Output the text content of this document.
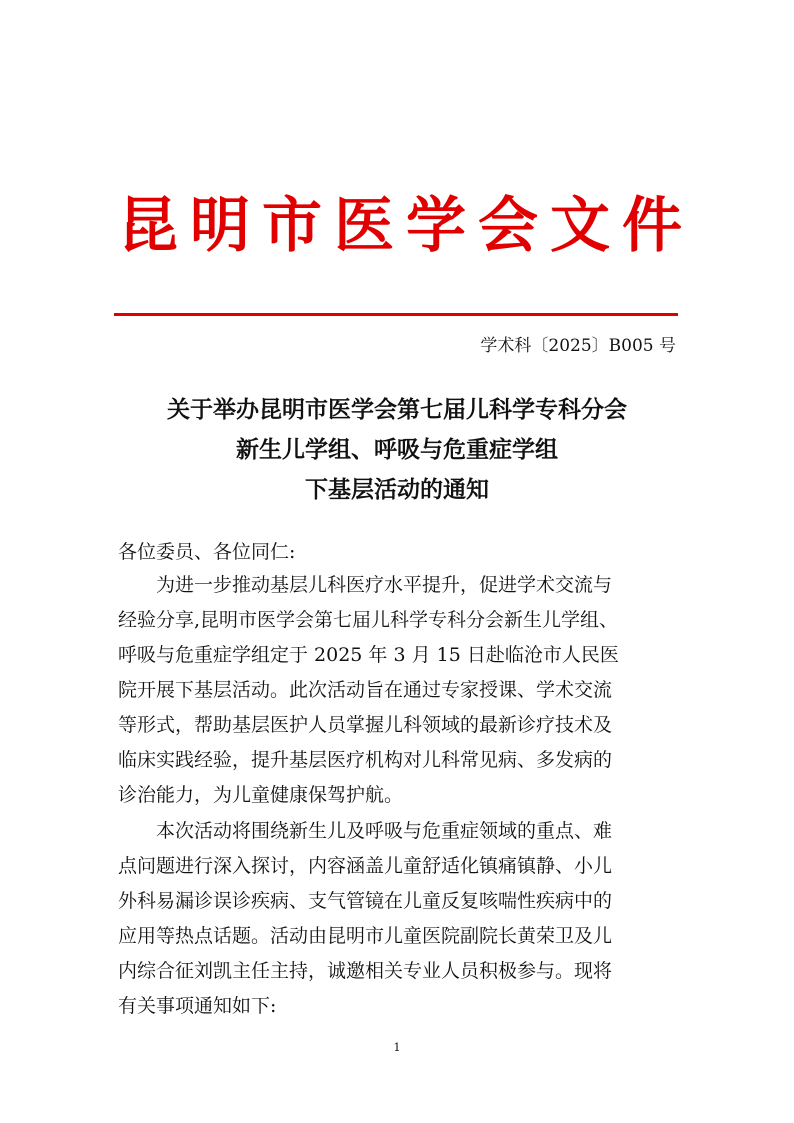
昆明市医学会文件
学术科〔2025〕B005 号
关于举办昆明市医学会第七届儿科学专科分会
新生儿学组、呼吸与危重症学组
下基层活动的通知
各位委员、各位同仁:

　　为进一步推动基层儿科医疗水平提升，促进学术交流与
经验分享,昆明市医学会第七届儿科学专科分会新生儿学组、
呼吸与危重症学组定于 2025 年 3 月 15 日赴临沧市人民医
院开展下基层活动。此次活动旨在通过专家授课、学术交流
等形式，帮助基层医护人员掌握儿科领域的最新诊疗技术及
临床实践经验，提升基层医疗机构对儿科常见病、多发病的
诊治能力，为儿童健康保驾护航。

　　本次活动将围绕新生儿及呼吸与危重症领域的重点、难
点问题进行深入探讨，内容涵盖儿童舒适化镇痛镇静、小儿
外科易漏诊误诊疾病、支气管镜在儿童反复咳喘性疾病中的
应用等热点话题。活动由昆明市儿童医院副院长黄荣卫及儿
内综合征刘凯主任主持，诚邀相关专业人员积极参与。现将
有关事项通知如下:

1
